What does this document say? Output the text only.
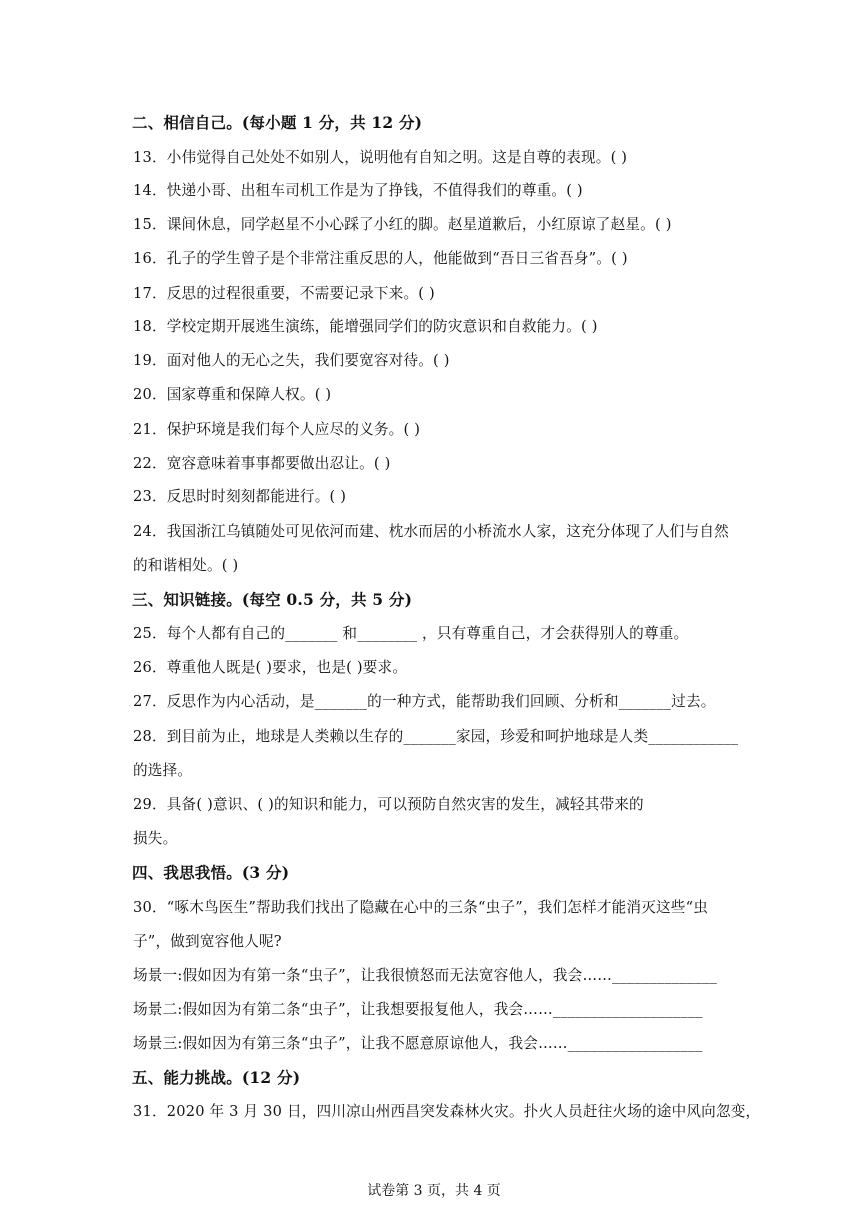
二、相信自己。(每小题 1 分，共 12 分)
13．小伟觉得自己处处不如别人，说明他有自知之明。这是自尊的表现。( )
14．快递小哥、出租车司机工作是为了挣钱，不值得我们的尊重。( )
15．课间休息，同学赵星不小心踩了小红的脚。赵星道歉后，小红原谅了赵星。( )
16．孔子的学生曾子是个非常注重反思的人，他能做到“吾日三省吾身”。( )
17．反思的过程很重要，不需要记录下来。( )
18．学校定期开展逃生演练，能增强同学们的防灾意识和自救能力。( )
19．面对他人的无心之失，我们要宽容对待。( )
20．国家尊重和保障人权。( )
21．保护环境是我们每个人应尽的义务。( )
22．宽容意味着事事都要做出忍让。( )
23．反思时时刻刻都能进行。( )
24．我国浙江乌镇随处可见依河而建、枕水而居的小桥流水人家，这充分体现了人们与自然
的和谐相处。( )
三、知识链接。(每空 0.5 分，共 5 分)
25．每个人都有自己的_______ 和________ ，只有尊重自己，才会获得别人的尊重。
26．尊重他人既是( )要求，也是( )要求。
27．反思作为内心活动，是_______的一种方式，能帮助我们回顾、分析和_______过去。
28．到目前为止，地球是人类赖以生存的_______家园，珍爱和呵护地球是人类____________
的选择。
29．具备( )意识、( )的知识和能力，可以预防自然灾害的发生，减轻其带来的
损失。
四、我思我悟。(3 分)
30．“啄木鸟医生”帮助我们找出了隐藏在心中的三条“虫子”，我们怎样才能消灭这些“虫
子”，做到宽容他人呢?
场景一:假如因为有第一条“虫子”，让我很愤怒而无法宽容他人，我会……______________
场景二:假如因为有第二条“虫子”，让我想要报复他人，我会……____________________
场景三:假如因为有第三条“虫子”，让我不愿意原谅他人，我会……__________________
五、能力挑战。(12 分)
31．2020 年 3 月 30 日，四川凉山州西昌突发森林火灾。扑火人员赶往火场的途中风向忽变，
试卷第 3 页，共 4 页
